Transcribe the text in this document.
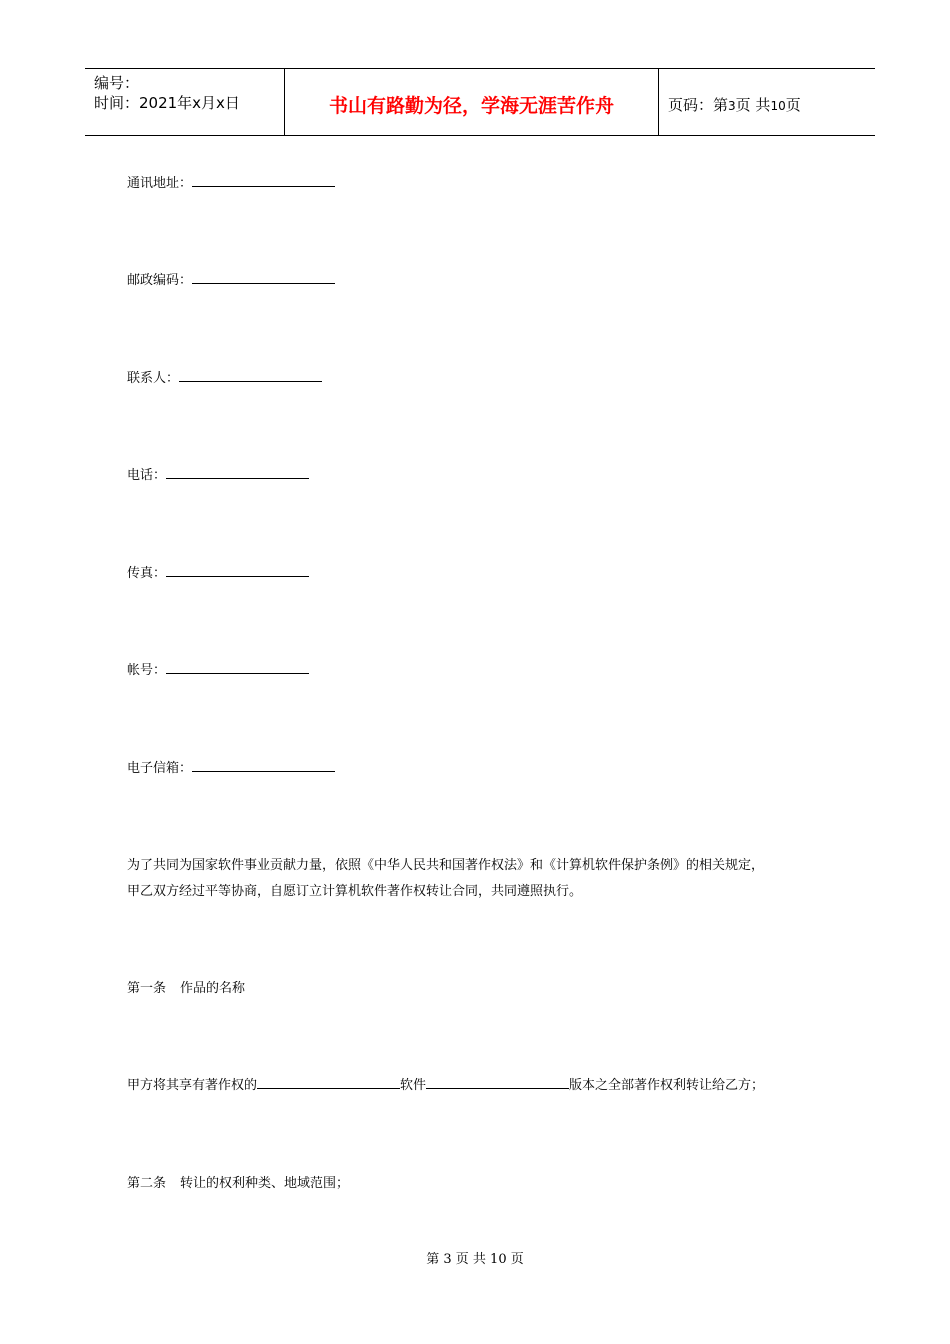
编号：
时间：2021年x月x日	书山有路勤为径，学海无涯苦作舟	页码：第3页 共10页
通讯地址：
邮政编码：
联系人：
电话：
传真：
帐号：
电子信箱：
为了共同为国家软件事业贡献力量，依照《中华人民共和国著作权法》和《计算机软件保护条例》的相关规定，
甲乙双方经过平等协商，自愿订立计算机软件著作权转让合同，共同遵照执行。
第一条 作品的名称
甲方将其享有著作权的	软件	版本之全部著作权利转让给乙方；
第二条 转让的权利种类、地域范围；
第 3 页 共 10 页
